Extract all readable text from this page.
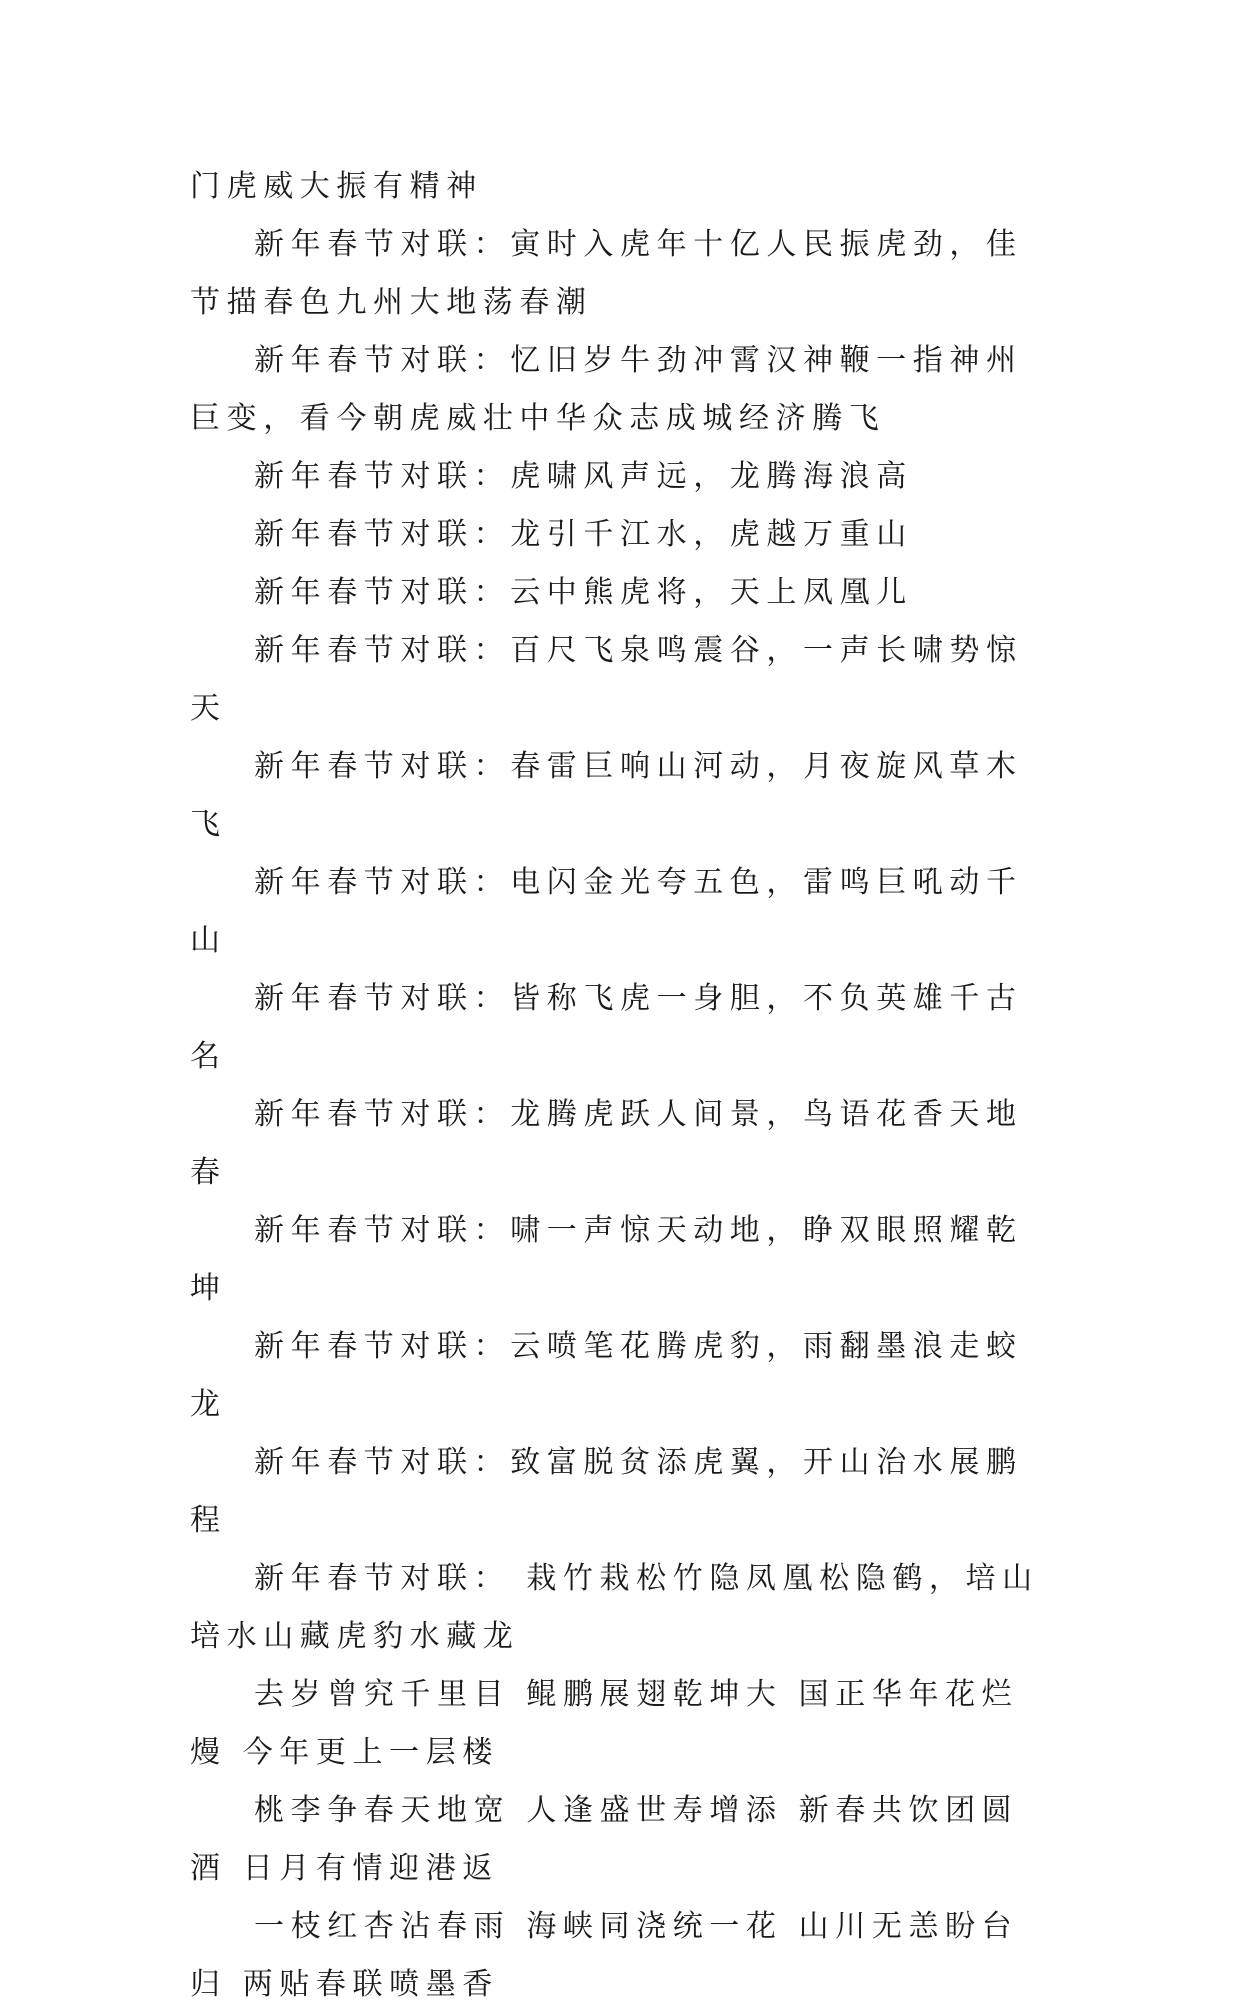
门虎威大振有精神

新年春节对联：寅时入虎年十亿人民振虎劲，佳节描春色九州大地荡春潮

新年春节对联：忆旧岁牛劲冲霄汉神鞭一指神州巨变，看今朝虎威壮中华众志成城经济腾飞

新年春节对联：虎啸风声远，龙腾海浪高

新年春节对联：龙引千江水，虎越万重山

新年春节对联：云中熊虎将，天上凤凰儿

新年春节对联：百尺飞泉鸣震谷，一声长啸势惊天

新年春节对联：春雷巨响山河动，月夜旋风草木飞

新年春节对联：电闪金光夸五色，雷鸣巨吼动千山

新年春节对联：皆称飞虎一身胆，不负英雄千古名

新年春节对联：龙腾虎跃人间景，鸟语花香天地春

新年春节对联：啸一声惊天动地，睁双眼照耀乾坤

新年春节对联：云喷笔花腾虎豹，雨翻墨浪走蛟龙

新年春节对联：致富脱贫添虎翼，开山治水展鹏程

新年春节对联： 栽竹栽松竹隐凤凰松隐鹤，培山培水山藏虎豹水藏龙

去岁曾究千里目 鲲鹏展翅乾坤大 国正华年花烂熳 今年更上一层楼

桃李争春天地宽 人逢盛世寿增添 新春共饮团圆酒 日月有情迎港返

一枝红杏沾春雨 海峡同浇统一花 山川无恙盼台归 两贴春联喷墨香
